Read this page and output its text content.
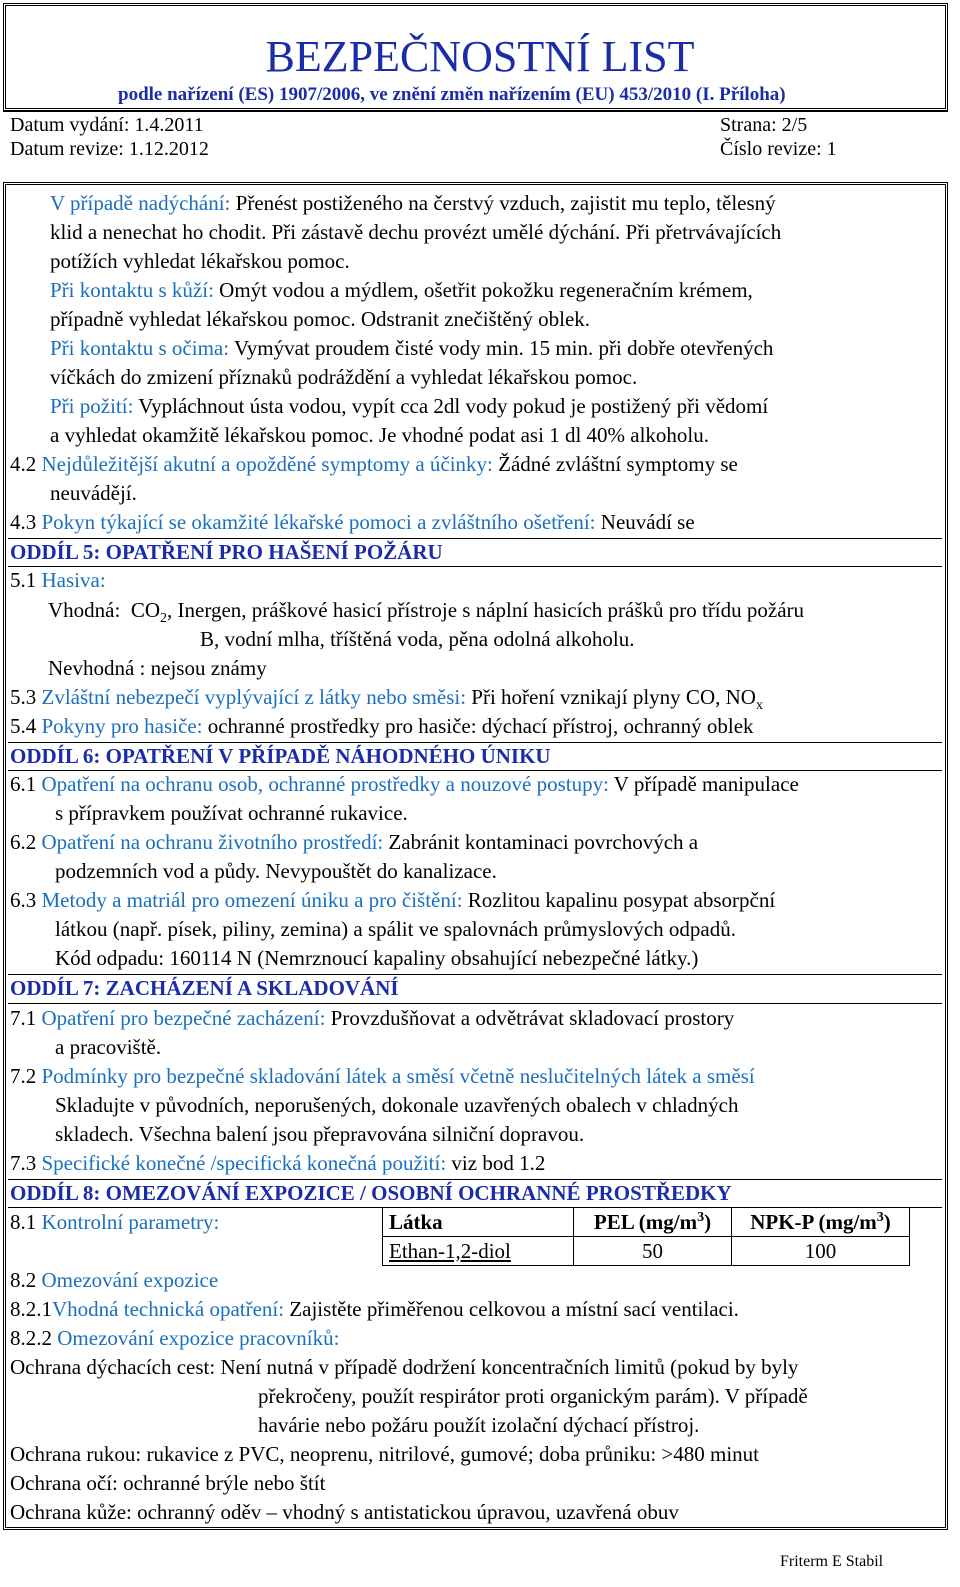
BEZPEČNOSTNÍ LIST
podle nařízení (ES) 1907/2006, ve znění změn nařízením (EU) 453/2010 (I. Příloha)
Datum vydání: 1.4.2011	Strana: 2/5
Datum revize: 1.12.2012	Číslo revize: 1
V případě nadýchání: Přenést postiženého na čerstvý vzduch, zajistit mu teplo, tělesný
klid a nenechat ho chodit. Při zástavě dechu provézt umělé dýchání. Při přetrvávajících
potížích vyhledat lékařskou pomoc.
Při kontaktu s kůží: Omýt vodou a mýdlem, ošetřit pokožku regeneračním krémem,
případně vyhledat lékařskou pomoc. Odstranit znečištěný oblek.
Při kontaktu s očima: Vymývat proudem čisté vody min. 15 min. při dobře otevřených
víčkách do zmizení příznaků podráždění a vyhledat lékařskou pomoc.
Při požití: Vypláchnout ústa vodou, vypít cca 2dl vody pokud je postižený při vědomí
a vyhledat okamžitě lékařskou pomoc. Je vhodné podat asi 1 dl 40% alkoholu.
4.2 Nejdůležitější akutní a opožděné symptomy a účinky: Žádné zvláštní symptomy se
neuvádějí.
4.3 Pokyn týkající se okamžité lékařské pomoci a zvláštního ošetření: Neuvádí se
ODDÍL 5: OPATŘENÍ PRO HAŠENÍ POŽÁRU
5.1 Hasiva:
Vhodná: $CO_2$, Inergen, práškové hasicí přístroje s náplní hasicích prášků pro třídu požáru
B, vodní mlha, tříštěná voda, pěna odolná alkoholu.
Nevhodná : nejsou známy
5.3 Zvláštní nebezpečí vyplývající z látky nebo směsi: Při hoření vznikají plyny CO, $NO_x$
5.4 Pokyny pro hasiče: ochranné prostředky pro hasiče: dýchací přístroj, ochranný oblek
ODDÍL 6: OPATŘENÍ V PŘÍPADĚ NÁHODNÉHO ÚNIKU
6.1 Opatření na ochranu osob, ochranné prostředky a nouzové postupy: V případě manipulace
s přípravkem používat ochranné rukavice.
6.2 Opatření na ochranu životního prostředí: Zabránit kontaminaci povrchových a
podzemních vod a půdy. Nevypouštět do kanalizace.
6.3 Metody a matriál pro omezení úniku a pro čištění: Rozlitou kapalinu posypat absorpční
látkou (např. písek, piliny, zemina) a spálit ve spalovnách průmyslových odpadů.
Kód odpadu: 160114 N (Nemrznoucí kapaliny obsahující nebezpečné látky.)
ODDÍL 7: ZACHÁZENÍ A SKLADOVÁNÍ
7.1 Opatření pro bezpečné zacházení: Provzdušňovat a odvětrávat skladovací prostory
a pracoviště.
7.2 Podmínky pro bezpečné skladování látek a směsí včetně neslučitelných látek a směsí
Skladujte v původních, neporušených, dokonale uzavřených obalech v chladných
skladech. Všechna balení jsou přepravována silniční dopravou.
7.3 Specifické konečné /specifická konečná použití: viz bod 1.2
ODDÍL 8: OMEZOVÁNÍ EXPOZICE / OSOBNÍ OCHRANNÉ PROSTŘEDKY
8.1 Kontrolní parametry:	Látka	PEL $(mg/m^3)$	NPK-P $(mg/m^3)$
Ethan-1,2-diol	50	100
8.2 Omezování expozice
8.2.1Vhodná technická opatření: Zajistěte přiměřenou celkovou a místní sací ventilaci.
8.2.2 Omezování expozice pracovníků:
Ochrana dýchacích cest: Není nutná v případě dodržení koncentračních limitů (pokud by byly
překročeny, použít respirátor proti organickým parám). V případě
havárie nebo požáru použít izolační dýchací přístroj.
Ochrana rukou: rukavice z PVC, neoprenu, nitrilové, gumové; doba průniku: >480 minut
Ochrana očí: ochranné brýle nebo štít
Ochrana kůže: ochranný oděv – vhodný s antistatickou úpravou, uzavřená obuv
Friterm E Stabil
